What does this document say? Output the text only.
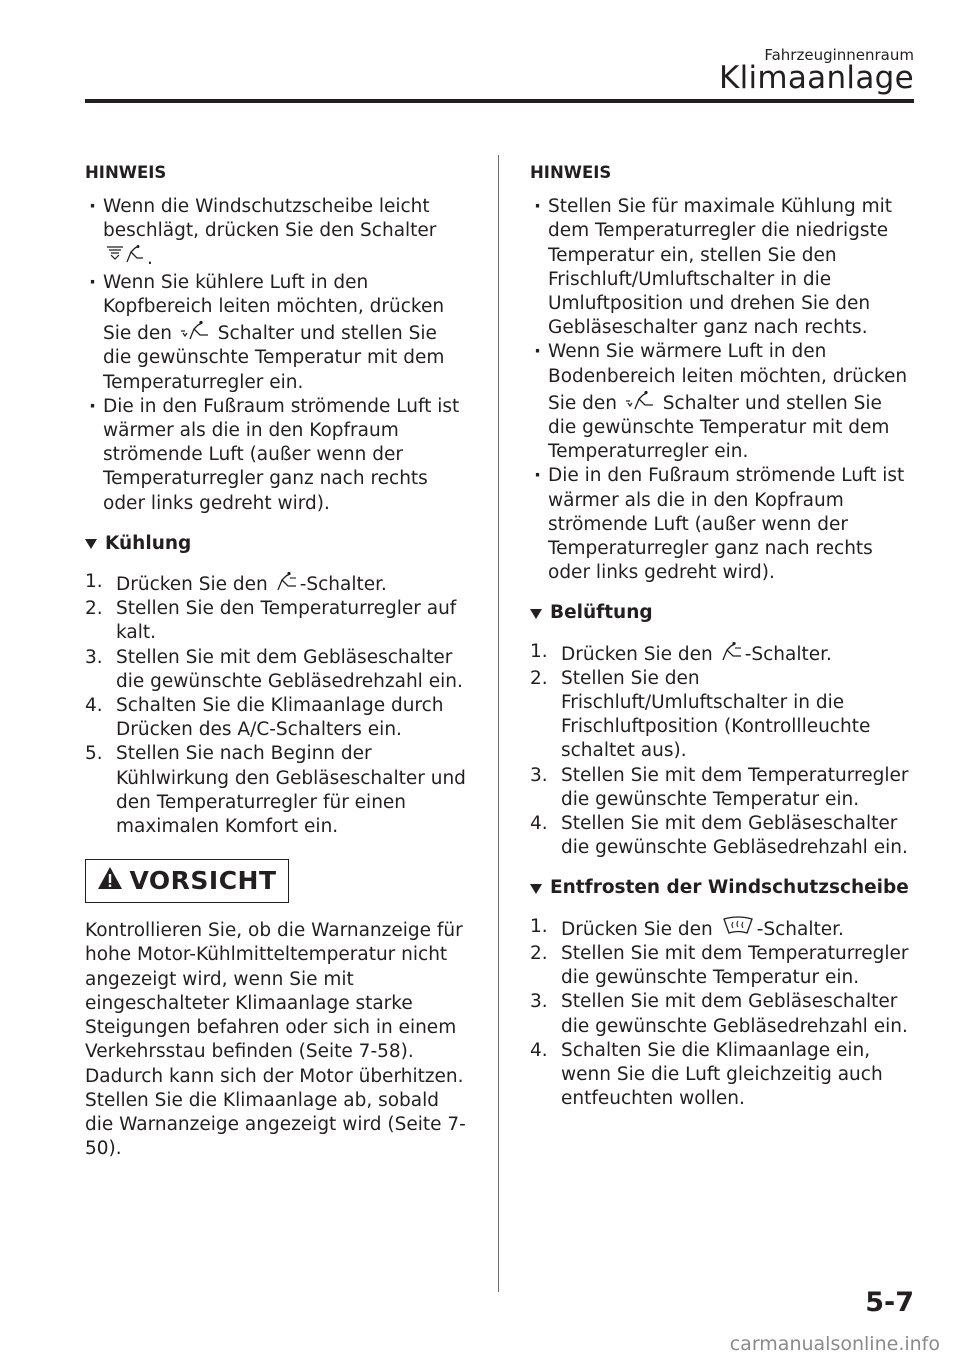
Fahrzeuginnenraum
Klimaanlage
HINWEIS
· Wenn die Windschutzscheibe leicht beschlägt, drücken Sie den Schalter
.
· Wenn Sie kühlere Luft in den Kopfbereich leiten möchten, drücken Sie den Schalter und stellen Sie die gewünschte Temperatur mit dem Temperaturregler ein.
· Die in den Fußraum strömende Luft ist wärmer als die in den Kopfraum strömende Luft (außer wenn der Temperaturregler ganz nach rechts oder links gedreht wird).
Kühlung
1. Drücken Sie den -Schalter.
2. Stellen Sie den Temperaturregler auf kalt.
3. Stellen Sie mit dem Gebläseschalter die gewünschte Gebläsedrehzahl ein.
4. Schalten Sie die Klimaanlage durch Drücken des A/C-Schalters ein.
5. Stellen Sie nach Beginn der Kühlwirkung den Gebläseschalter und den Temperaturregler für einen maximalen Komfort ein.
VORSICHT

Kontrollieren Sie, ob die Warnanzeige für hohe Motor-Kühlmitteltemperatur nicht angezeigt wird, wenn Sie mit eingeschalteter Klimaanlage starke Steigungen befahren oder sich in einem Verkehrsstau befinden (Seite 7-58).

Dadurch kann sich der Motor überhitzen. Stellen Sie die Klimaanlage ab, sobald die Warnanzeige angezeigt wird (Seite 7-50).

HINWEIS
· Stellen Sie für maximale Kühlung mit dem Temperaturregler die niedrigste Temperatur ein, stellen Sie den Frischluft/Umluftschalter in die Umluftposition und drehen Sie den Gebläseschalter ganz nach rechts.
· Wenn Sie wärmere Luft in den Bodenbereich leiten möchten, drücken Sie den Schalter und stellen Sie die gewünschte Temperatur mit dem Temperaturregler ein.
· Die in den Fußraum strömende Luft ist wärmer als die in den Kopfraum strömende Luft (außer wenn der Temperaturregler ganz nach rechts oder links gedreht wird).
Belüftung
1. Drücken Sie den -Schalter.
2. Stellen Sie den Frischluft/Umluftschalter in die Frischluftposition (Kontrollleuchte schaltet aus).
3. Stellen Sie mit dem Temperaturregler die gewünschte Temperatur ein.
4. Stellen Sie mit dem Gebläseschalter die gewünschte Gebläsedrehzahl ein.
Entfrosten der Windschutzscheibe
1. Drücken Sie den -Schalter.
2. Stellen Sie mit dem Temperaturregler die gewünschte Temperatur ein.
3. Stellen Sie mit dem Gebläseschalter die gewünschte Gebläsedrehzahl ein.
4. Schalten Sie die Klimaanlage ein, wenn Sie die Luft gleichzeitig auch entfeuchten wollen.
5-7
carmanualsonline.info
